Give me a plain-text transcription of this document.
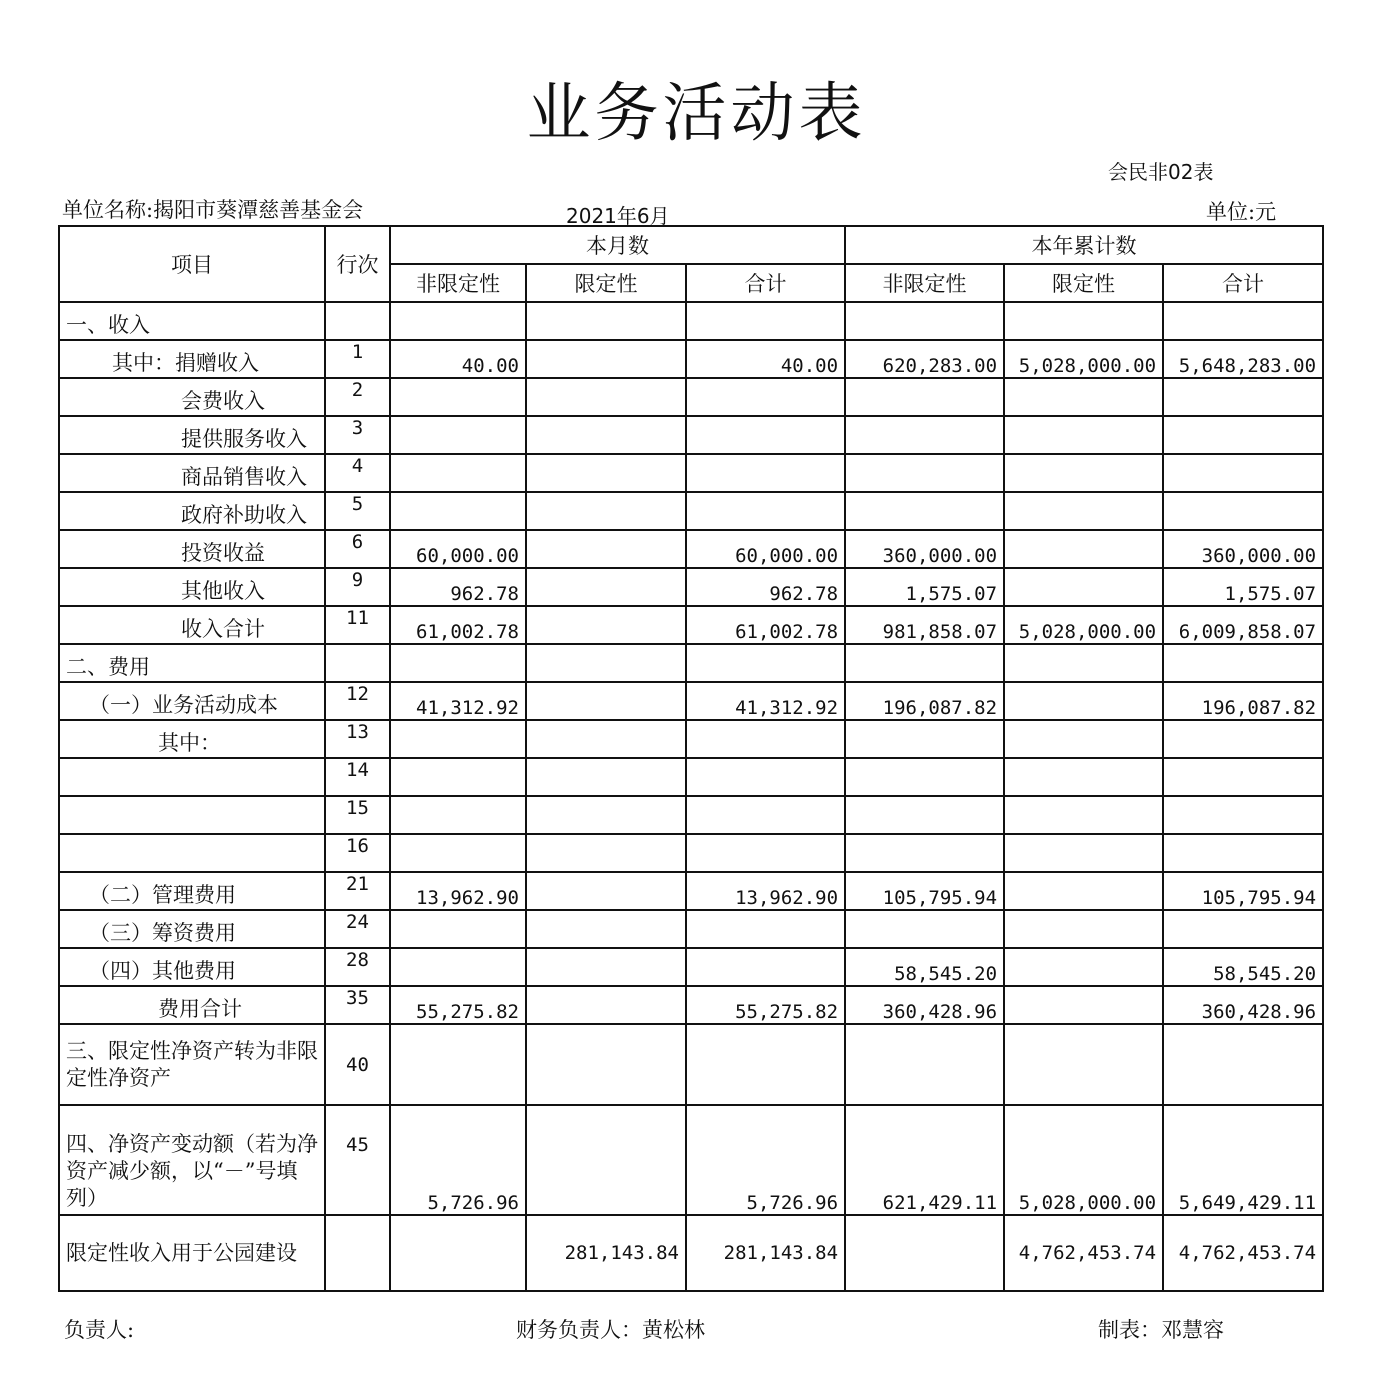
业务活动表
会民非02表
单位名称:揭阳市葵潭慈善基金会	2021年6月	单位:元
项目	行次	本月数			本年累计数		
		非限定性	限定性	合计	非限定性	限定性	合计
一、收入							
其中：捐赠收入	1	40.00		40.00	620,283.00	5,028,000.00	5,648,283.00
会费收入	2						
提供服务收入	3						
商品销售收入	4						
政府补助收入	5						
投资收益	6	60,000.00		60,000.00	360,000.00		360,000.00
其他收入	9	962.78		962.78	1,575.07		1,575.07
收入合计	11	61,002.78		61,002.78	981,858.07	5,028,000.00	6,009,858.07
二、费用							
（一）业务活动成本	12	41,312.92		41,312.92	196,087.82		196,087.82
其中：	13						
	14						
	15						
	16						
（二）管理费用	21	13,962.90		13,962.90	105,795.94		105,795.94
（三）筹资费用	24						
（四）其他费用	28				58,545.20		58,545.20
费用合计	35	55,275.82		55,275.82	360,428.96		360,428.96
三、限定性净资产转为非限定性净资产	40						
四、净资产变动额（若为净资产减少额，以“－”号填列）	45	5,726.96		5,726.96	621,429.11	5,028,000.00	5,649,429.11
限定性收入用于公园建设			281,143.84	281,143.84		4,762,453.74	4,762,453.74
负责人:	财务负责人：黄松林	制表：邓慧容
